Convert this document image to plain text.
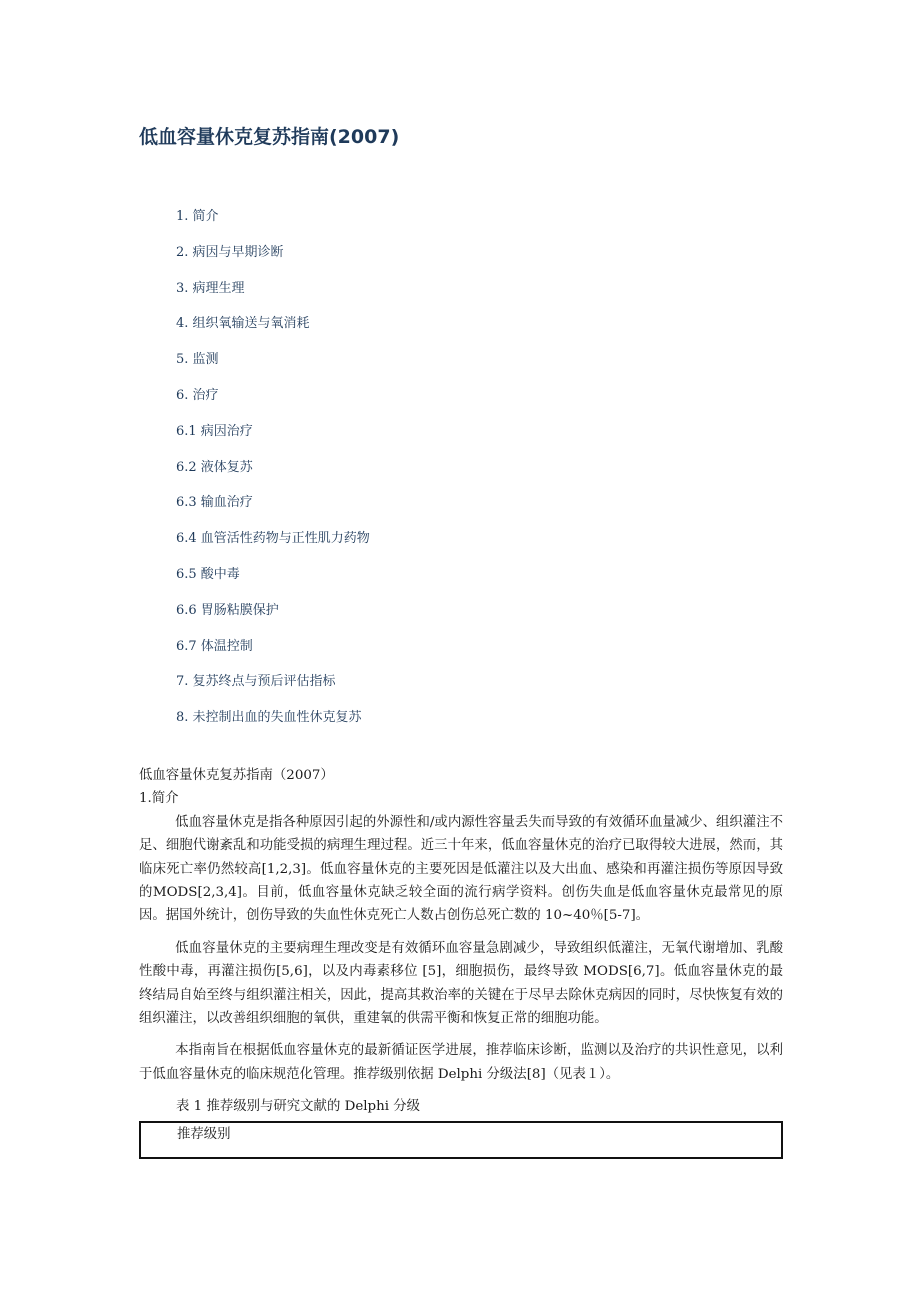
低血容量休克复苏指南(2007)
1. 简介
2. 病因与早期诊断
3. 病理生理
4. 组织氧输送与氧消耗
5. 监测
6. 治疗
6.1 病因治疗
6.2 液体复苏
6.3 输血治疗
6.4 血管活性药物与正性肌力药物
6.5 酸中毒
6.6 胃肠粘膜保护
6.7 体温控制
7. 复苏终点与预后评估指标
8. 未控制出血的失血性休克复苏

低血容量休克复苏指南（2007）

1.简介

低血容量休克是指各种原因引起的外源性和/或内源性容量丢失而导致的有效循环血量减少、组织灌注不足、细胞代谢紊乱和功能受损的病理生理过程。近三十年来，低血容量休克的治疗已取得较大进展，然而，其临床死亡率仍然较高[1,2,3]。低血容量休克的主要死因是低灌注以及大出血、感染和再灌注损伤等原因导致的MODS[2,3,4]。目前，低血容量休克缺乏较全面的流行病学资料。创伤失血是低血容量休克最常见的原因。据国外统计，创伤导致的失血性休克死亡人数占创伤总死亡数的 10~40％[5-7]。

低血容量休克的主要病理生理改变是有效循环血容量急剧减少，导致组织低灌注，无氧代谢增加、乳酸性酸中毒，再灌注损伤[5,6]，以及内毒素移位 [5]，细胞损伤，最终导致 MODS[6,7]。低血容量休克的最终结局自始至终与组织灌注相关，因此，提高其救治率的关键在于尽早去除休克病因的同时，尽快恢复有效的组织灌注，以改善组织细胞的氧供，重建氧的供需平衡和恢复正常的细胞功能。

本指南旨在根据低血容量休克的最新循证医学进展，推荐临床诊断，监测以及治疗的共识性意见，以利于低血容量休克的临床规范化管理。推荐级别依据 Delphi 分级法[8]（见表１）。

表 1 推荐级别与研究文献的 Delphi 分级

推荐级别
